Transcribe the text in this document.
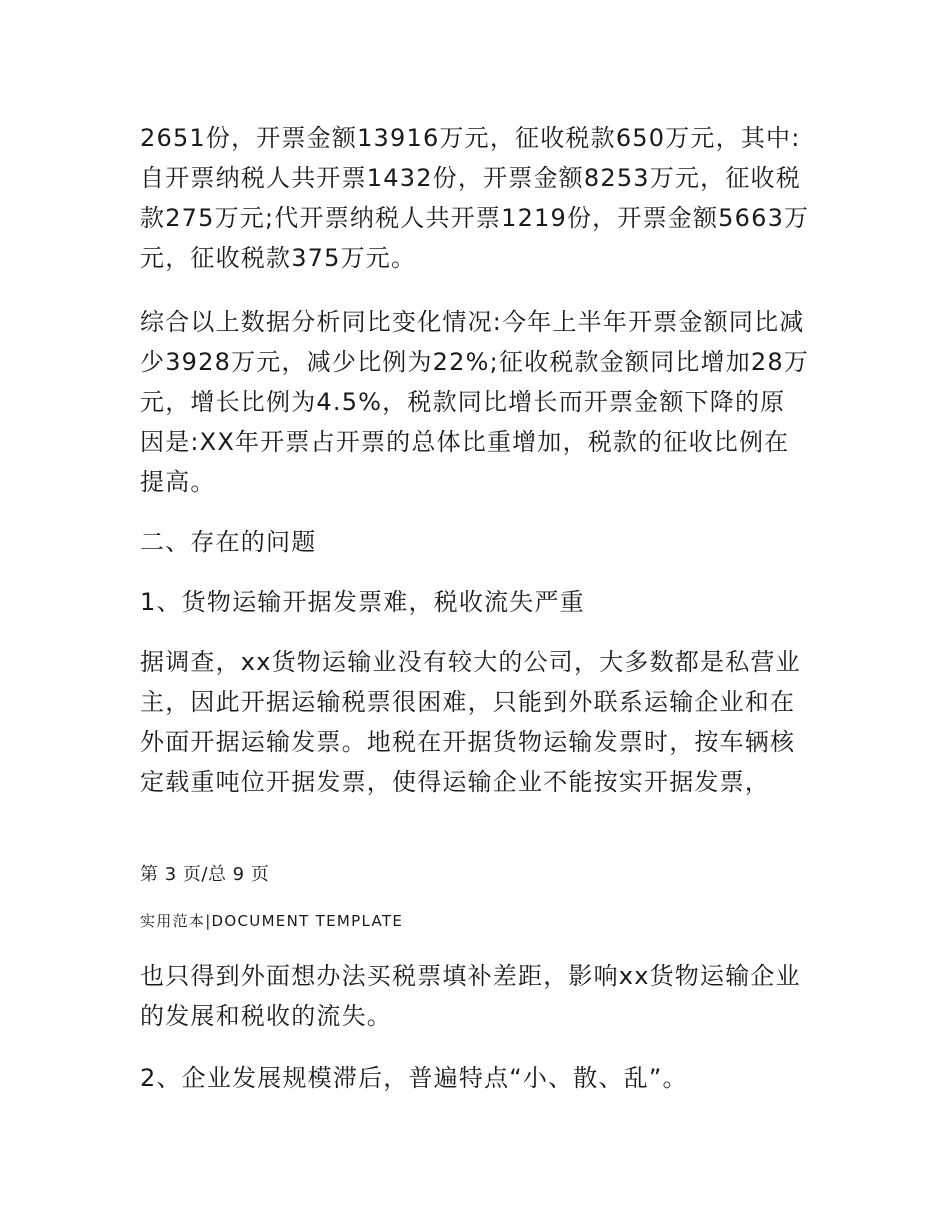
2651份，开票金额13916万元，征收税款650万元，其中:自开票纳税人共开票1432份，开票金额8253万元，征收税款275万元;代开票纳税人共开票1219份，开票金额5663万元，征收税款375万元。

综合以上数据分析同比变化情况:今年上半年开票金额同比减少3928万元，减少比例为22%;征收税款金额同比增加28万元，增长比例为4.5%，税款同比增长而开票金额下降的原因是:XX年开票占开票的总体比重增加，税款的征收比例在提高。

二、存在的问题

1、货物运输开据发票难，税收流失严重

据调查，xx货物运输业没有较大的公司，大多数都是私营业主，因此开据运输税票很困难，只能到外联系运输企业和在外面开据运输发票。地税在开据货物运输发票时，按车辆核定载重吨位开据发票，使得运输企业不能按实开据发票，

也只得到外面想办法买税票填补差距，影响xx货物运输企业的发展和税收的流失。

2、企业发展规模滞后，普遍特点“小、散、乱”。

第 3 页/总 9 页
实用范本|DOCUMENT TEMPLATE
